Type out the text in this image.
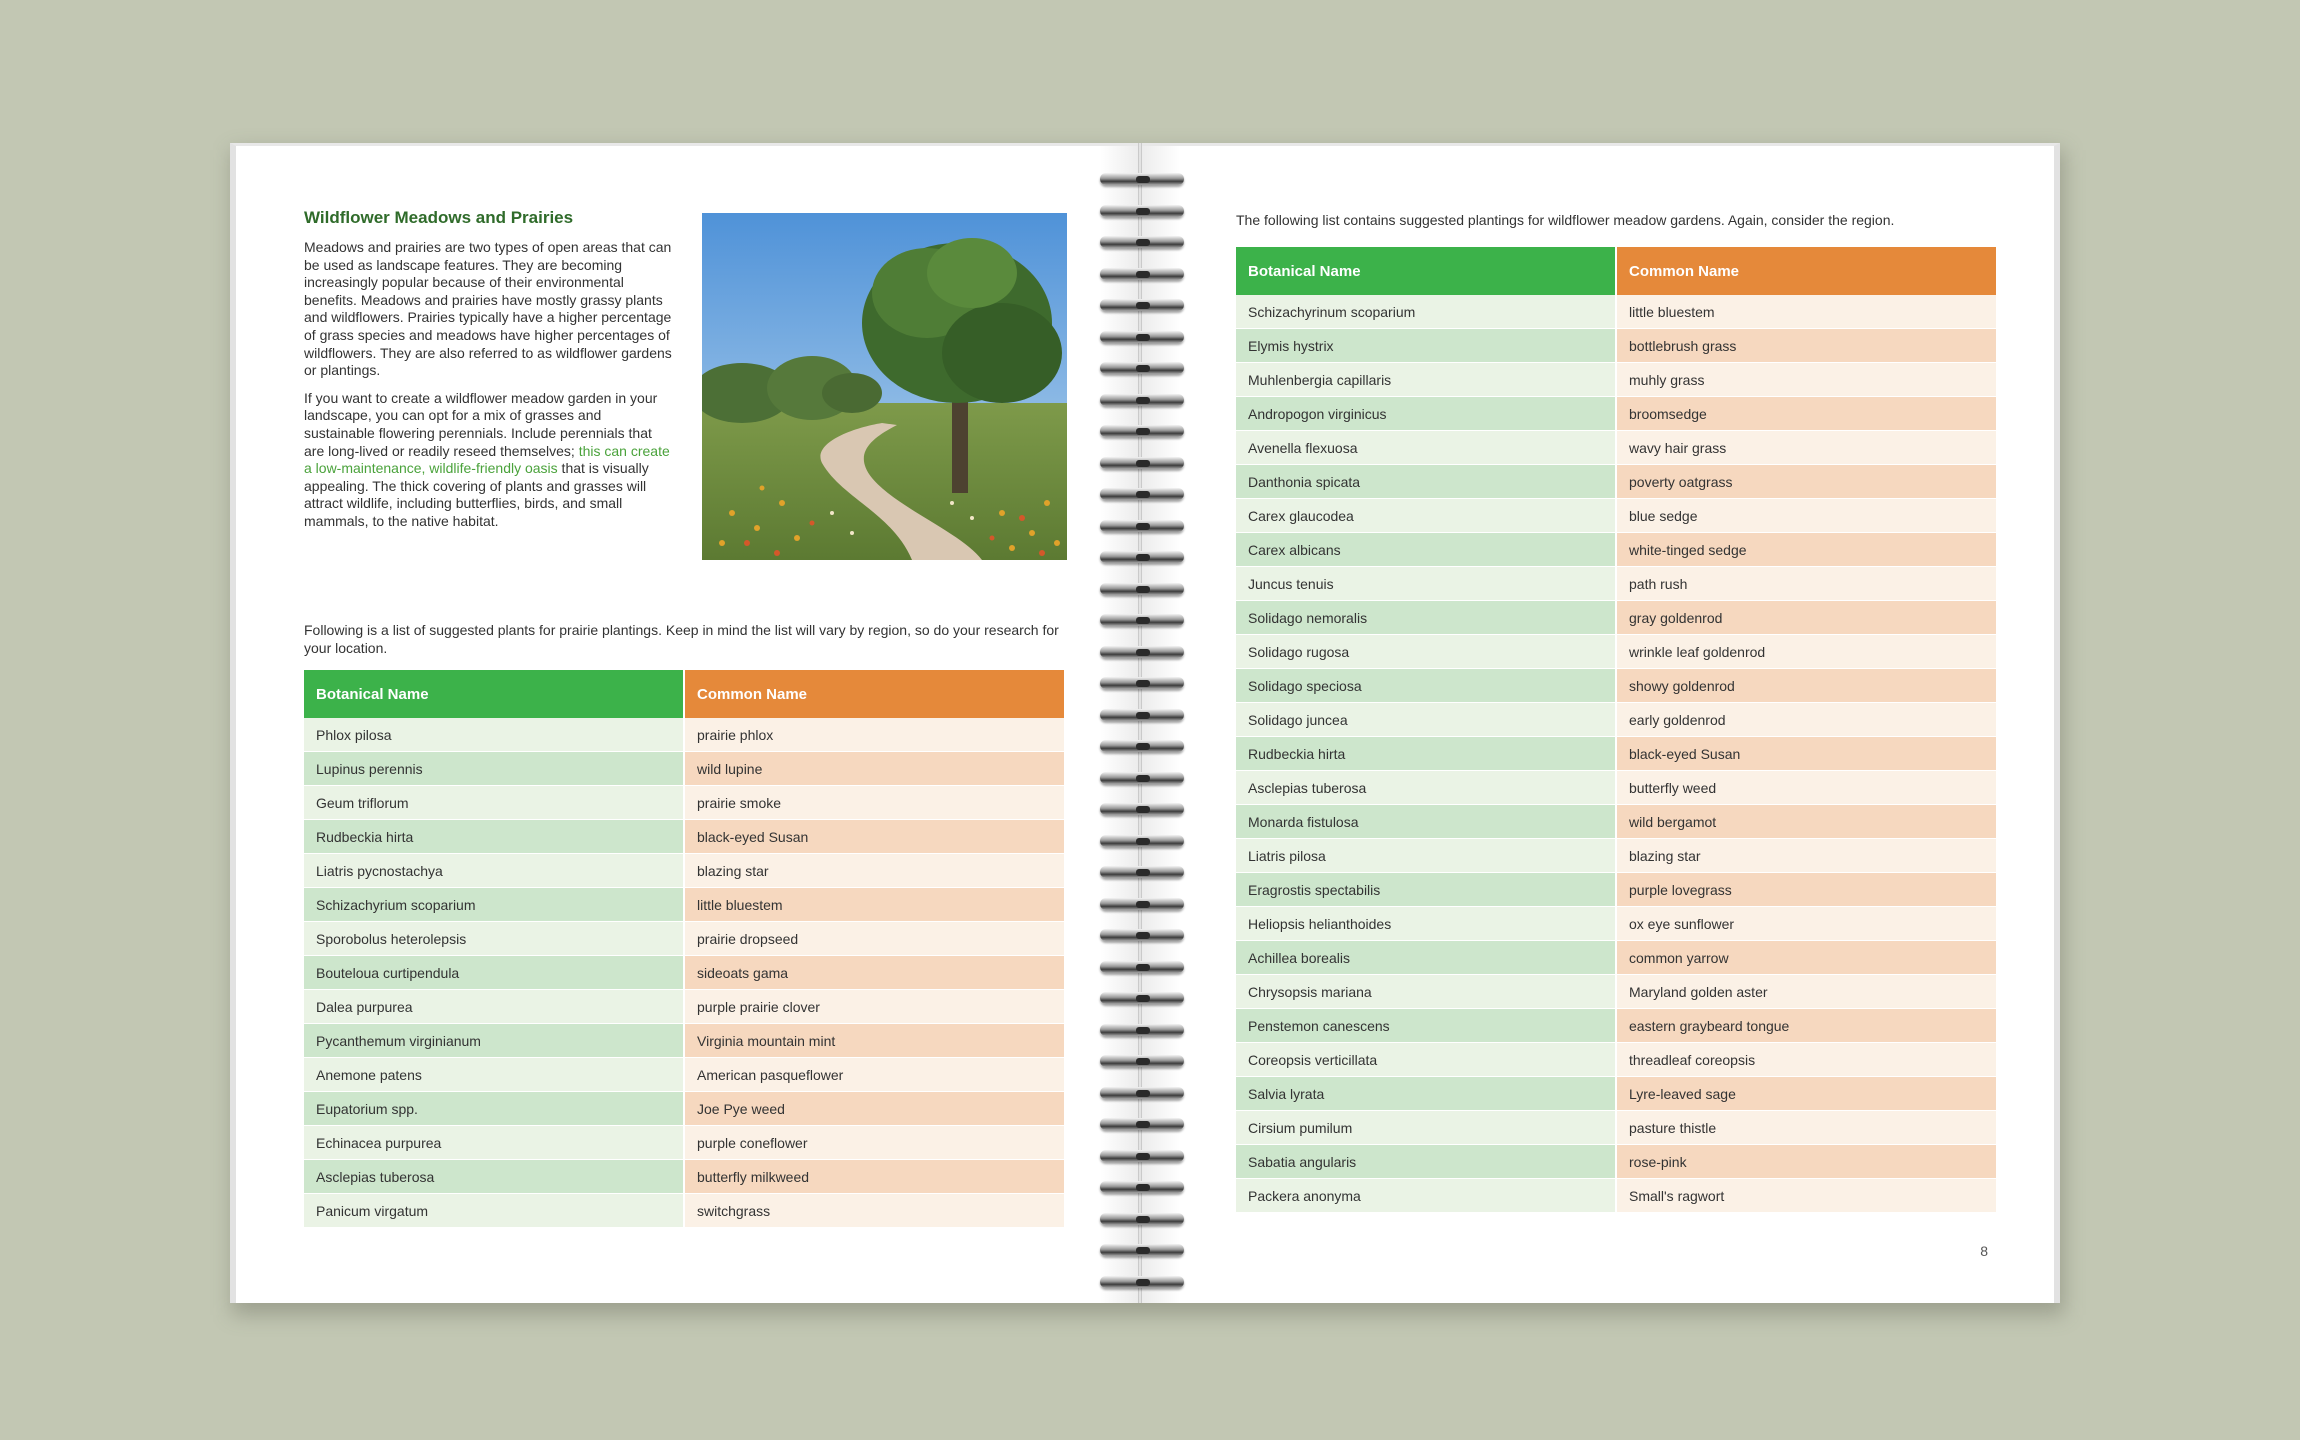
Wildflower Meadows and Prairies

Meadows and prairies are two types of open areas that can be used as landscape features. They are becoming increasingly popular because of their environmental benefits. Meadows and prairies have mostly grassy plants and wildflowers. Prairies typically have a higher percentage of grass species and meadows have higher percentages of wildflowers. They are also referred to as wildflower gardens or plantings.

If you want to create a wildflower meadow garden in your landscape, you can opt for a mix of grasses and sustainable flowering perennials. Include perennials that are long-lived or readily reseed themselves; this can create a low-maintenance, wildlife-friendly oasis that is visually appealing. The thick covering of plants and grasses will attract wildlife, including butterflies, birds, and small mammals, to the native habitat.

Following is a list of suggested plants for prairie plantings. Keep in mind the list will vary by region, so do your research for your location.
Botanical Name	Common Name
Phlox pilosa	prairie phlox
Lupinus perennis	wild lupine
Geum triflorum	prairie smoke
Rudbeckia hirta	black-eyed Susan
Liatris pycnostachya	blazing star
Schizachyrium scoparium	little bluestem
Sporobolus heterolepsis	prairie dropseed
Bouteloua curtipendula	sideoats gama
Dalea purpurea	purple prairie clover
Pycanthemum virginianum	Virginia mountain mint
Anemone patens	American pasqueflower
Eupatorium spp.	Joe Pye weed
Echinacea purpurea	purple coneflower
Asclepias tuberosa	butterfly milkweed
Panicum virgatum	switchgrass
The following list contains suggested plantings for wildflower meadow gardens. Again, consider the region.
Botanical Name	Common Name
Schizachyrinum scoparium	little bluestem
Elymis hystrix	bottlebrush grass
Muhlenbergia capillaris	muhly grass
Andropogon virginicus	broomsedge
Avenella flexuosa	wavy hair grass
Danthonia spicata	poverty oatgrass
Carex glaucodea	blue sedge
Carex albicans	white-tinged sedge
Juncus tenuis	path rush
Solidago nemoralis	gray goldenrod
Solidago rugosa	wrinkle leaf goldenrod
Solidago speciosa	showy goldenrod
Solidago juncea	early goldenrod
Rudbeckia hirta	black-eyed Susan
Asclepias tuberosa	butterfly weed
Monarda fistulosa	wild bergamot
Liatris pilosa	blazing star
Eragrostis spectabilis	purple lovegrass
Heliopsis helianthoides	ox eye sunflower
Achillea borealis	common yarrow
Chrysopsis mariana	Maryland golden aster
Penstemon canescens	eastern graybeard tongue
Coreopsis verticillata	threadleaf coreopsis
Salvia lyrata	Lyre-leaved sage
Cirsium pumilum	pasture thistle
Sabatia angularis	rose-pink
Packera anonyma	Small's ragwort
8
